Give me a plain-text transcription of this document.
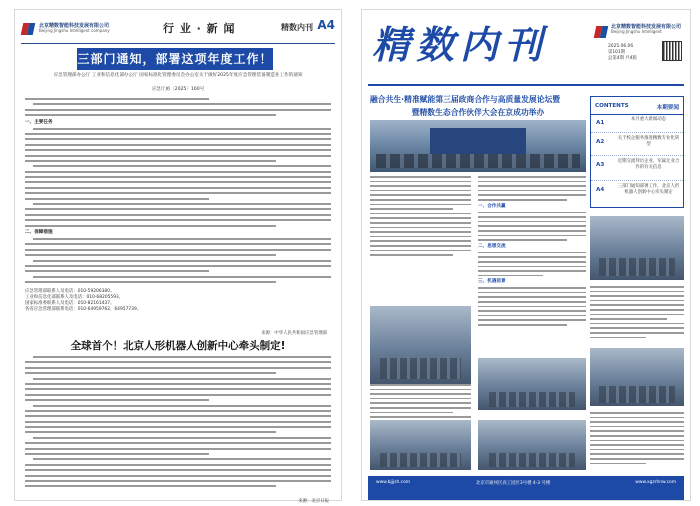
北京精数智能科技发展有限公司
Beijing Jingshu Intelligent company	行 业 · 新 闻	精数内刊 A4
三部门通知，部署这项年度工作！
应急管理部办公厅 工业和信息化部办公厅 国家标准化管理委员会办公室关于做好2025年度应急管理装备制造业工作的通知
应急厅函〔2025〕160号
一、主要任务
二、保障措施
应急管理部联系人及电话：010-59206380。
工业和信息化部联系人及电话：010-68205593。
国家标准委联系人及电话：010-82161437。
各省应急管理部联系电话：010-64959762、64957739。
来源：中华人民共和国应急管理部
全球首个！北京人形机器人创新中心牵头制定!
来源：北京日报
精数内刊	北京精数智能科技发展有限公司
Beijing Jingshu Intelligent
2025.06.06
第101期
总第4期 共4版
融合共生·精准赋能第三届政商合作与高质量发展论坛暨
暨精数生态合作伙伴大会在京成功举办
一、合作共赢
二、思想交流
三、机遇前景
CONTENTS	本期要闻
A1
本月重大新闻动态
A2
关于校企服务推进精数专业化转型
A3
近期交流拜访企业、军属无业合作的有关信息
A4
三部门通知部署工作，北京人形机器人创新中心牵头制定
www.bjjjsh.com	北京市通州区高工园区3号楼 4-3 号楼	www.xgzrhnw.com
